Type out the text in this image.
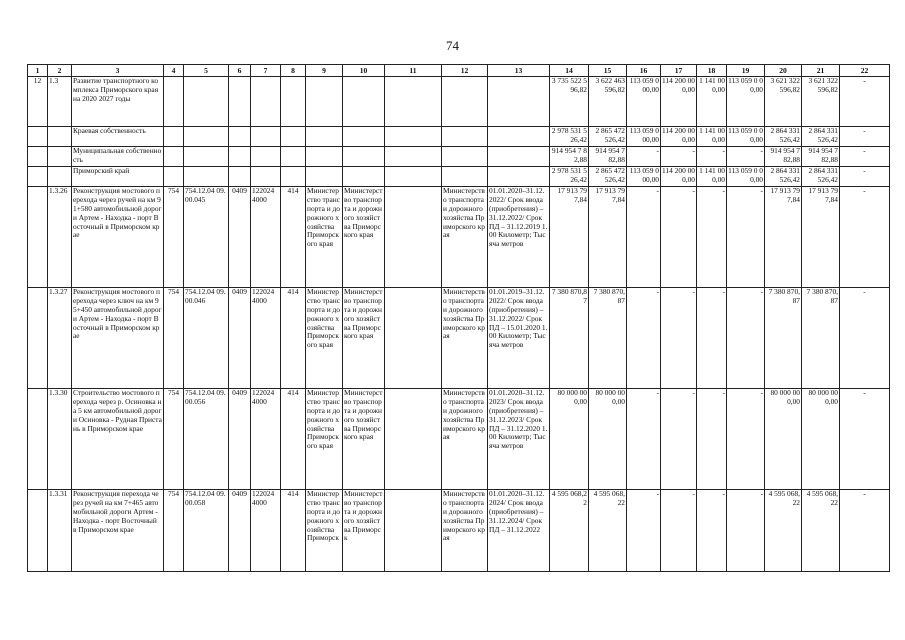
74
1	2	3	4	5	6	7	8	9	10	11	12	13	14	15	16	17	18	19	20	21	22
12	1.3	Развитие транспортного комплекса Приморского края на 2020 2027 годы											3 735 522 596,82	3 622 463 596,82	113 059 0 00,00	114 200 000,00	1 141 00 0,00	113 059 0 00,00	3 621 322 596,82	3 621 322 596,82	-
		Краевая собственность											2 978 531 526,42	2 865 472 526,42	113 059 0 00,00	114 200 000,00	1 141 00 0,00	113 059 0 00,00	2 864 331 526,42	2 864 331 526,42	-
		Муниципальная собственность											914 954 7 82,88	914 954 7 82,88	-	-	-	-	914 954 7 82,88	914 954 7 82,88	-
		Приморский край											2 978 531 526,42	2 865 472 526,42	113 059 0 00,00	114 200 000,00	1 141 00 0,00	113 059 0 00,00	2 864 331 526,42	2 864 331 526,42	-
	1.3.26	Реконструкция мостового перехода через ручей на км 91+580 автомобильной дороги Артем - Находка - порт Восточный в Приморском крае	754	754.12.04 09.00.045	0409	122024 4000	414	Министерство транспорта и дорожного хозяйства Приморского края	Министерство транспорта и дорожного хозяйства Приморского края		Министерство транспорта и дорожного хозяйства Приморского края	01.01.2020–31.12.2022/ Срок ввода (приобретения) – 31.12.2022/ Срок ПД – 31.12.2019 1.00 Километр; Тысяча метров	17 913 79 7,84	17 913 79 7,84	-	-	-	-	17 913 79 7,84	17 913 79 7,84	-
	1.3.27	Реконструкция мостового перехода через ключ на км 95+450 автомобильной дороги Артем - Находка - порт Восточный в Приморском крае	754	754.12.04 09.00.046	0409	122024 4000	414	Министерство транспорта и дорожного хозяйства Приморского края	Министерство транспорта и дорожного хозяйства Приморского края		Министерство транспорта и дорожного хозяйства Приморского края	01.01.2019–31.12.2022/ Срок ввода (приобретения) – 31.12.2022/ Срок ПД – 15.01.2020 1.00 Километр; Тысяча метров	7 380 870,87	7 380 870,87	-	-	-	-	7 380 870,87	7 380 870,87	-
	1.3.30	Строительство мостового перехода через р. Осиновка на 5 км автомобильной дороги Осиновка - Рудная Пристань в Приморском крае	754	754.12.04 09.00.056	0409	122024 4000	414	Министерство транспорта и дорожного хозяйства Приморского края	Министерство транспорта и дорожного хозяйства Приморского края		Министерство транспорта и дорожного хозяйства Приморского края	01.01.2020–31.12.2023/ Срок ввода (приобретения) – 31.12.2023/ Срок ПД – 31.12.2020 1.00 Километр; Тысяча метров	80 000 00 0,00	80 000 00 0,00	-	-	-	-	80 000 00 0,00	80 000 00 0,00	-
	1.3.31	Реконструкция перехода через ручей на км 7+465 автомобильной дороги Артем - Находка - порт Восточный в Приморском крае	754	754.12.04 09.00.058	0409	122024 4000	414	Министерство транспорта и дорожного хозяйства Приморск	Министерство транспорта и дорожного хозяйства Приморск		Министерство транспорта и дорожного хозяйства Приморского края	01.01.2020–31.12.2024/ Срок ввода (приобретения) – 31.12.2024/ Срок ПД – 31.12.2022	4 595 068,22	4 595 068,22	-	-	-	-	4 595 068,22	4 595 068,22	-
